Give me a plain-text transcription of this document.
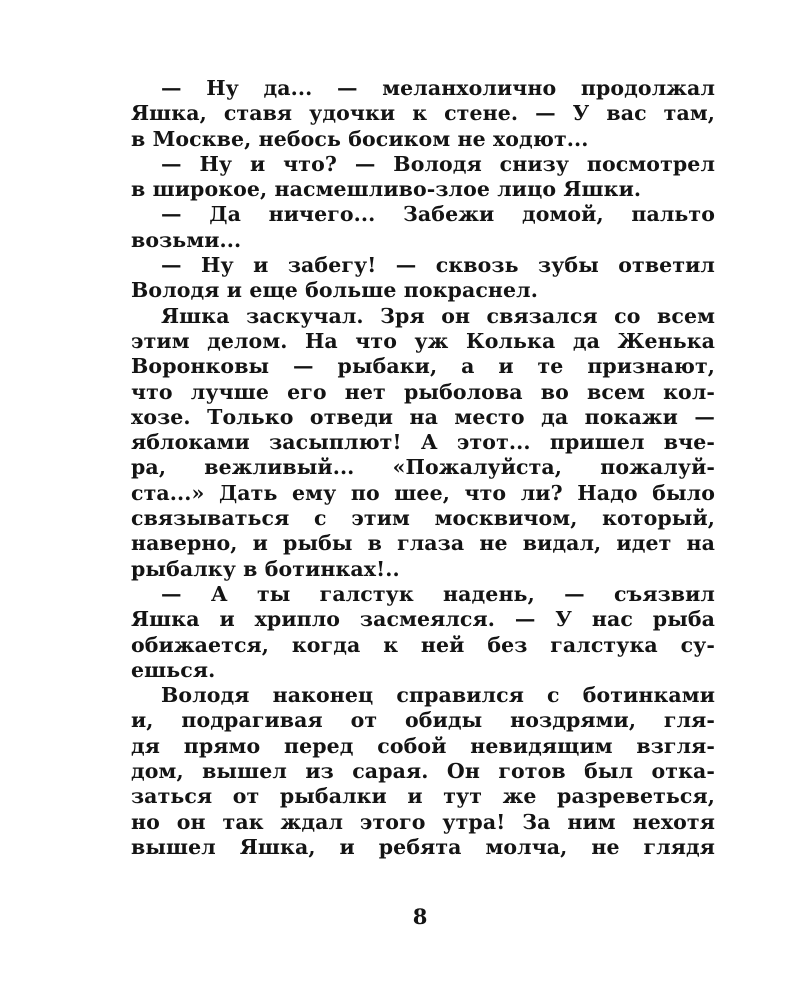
— Ну да... — меланхолично продолжал
Яшка, ставя удочки к стене. — У вас там,
в Москве, небось босиком не ходют...
— Ну и что? — Володя снизу посмотрел
в широкое, насмешливо-злое лицо Яшки.
— Да ничего... Забежи домой, пальто
возьми...
— Ну и забегу! — сквозь зубы ответил
Володя и еще больше покраснел.
Яшка заскучал. Зря он связался со всем
этим делом. На что уж Колька да Женька
Воронковы — рыбаки, а и те признают,
что лучше его нет рыболова во всем кол-
хозе. Только отведи на место да покажи —
яблоками засыплют! А этот... пришел вче-
ра, вежливый... «Пожалуйста, пожалуй-
ста...» Дать ему по шее, что ли? Надо было
связываться с этим москвичом, который,
наверно, и рыбы в глаза не видал, идет на
рыбалку в ботинках!..
— А ты галстук надень, — съязвил
Яшка и хрипло засмеялся. — У нас рыба
обижается, когда к ней без галстука су-
ешься.
Володя наконец справился с ботинками
и, подрагивая от обиды ноздрями, гля-
дя прямо перед собой невидящим взгля-
дом, вышел из сарая. Он готов был отка-
заться от рыбалки и тут же разреветься,
но он так ждал этого утра! За ним нехотя
вышел Яшка, и ребята молча, не глядя
8
